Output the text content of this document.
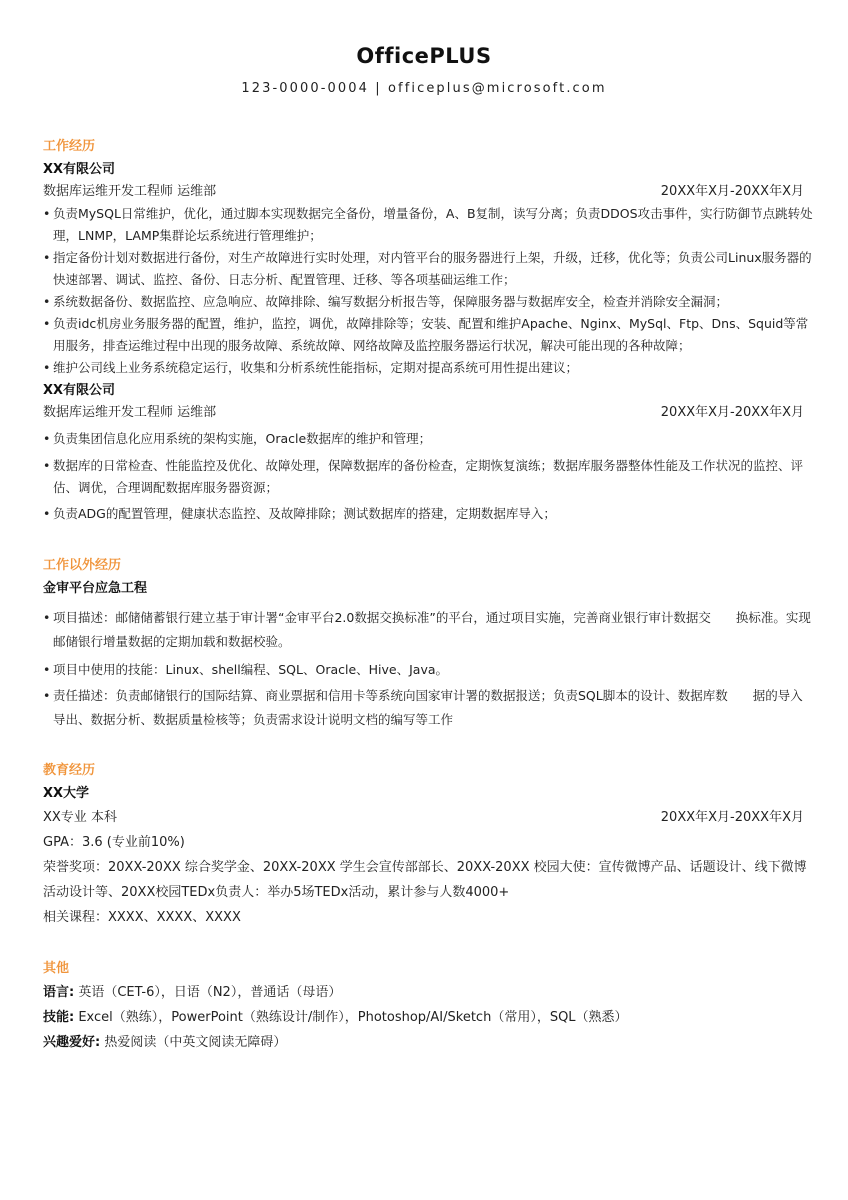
OfficePLUS
123-0000-0004 | officeplus@microsoft.com
工作经历
XX有限公司
数据库运维开发工程师 运维部	20XX年X月-20XX年X月
• 负责MySQL日常维护，优化，通过脚本实现数据完全备份，增量备份，A、B复制，读写分离；负责DDOS攻击事件，实行防御节点跳转处理，LNMP，LAMP集群论坛系统进行管理维护；
• 指定备份计划对数据进行备份，对生产故障进行实时处理，对内管平台的服务器进行上架，升级，迁移，优化等；负责公司Linux服务器的快速部署、调试、监控、备份、日志分析、配置管理、迁移、等各项基础运维工作；
• 系统数据备份、数据监控、应急响应、故障排除、编写数据分析报告等，保障服务器与数据库安全，检查并消除安全漏洞；
• 负责idc机房业务服务器的配置，维护，监控，调优，故障排除等；安装、配置和维护Apache、Nginx、MySql、Ftp、Dns、Squid等常用服务，排查运维过程中出现的服务故障、系统故障、网络故障及监控服务器运行状况，解决可能出现的各种故障；
• 维护公司线上业务系统稳定运行，收集和分析系统性能指标，定期对提高系统可用性提出建议；
XX有限公司
数据库运维开发工程师 运维部	20XX年X月-20XX年X月
• 负责集团信息化应用系统的架构实施，Oracle数据库的维护和管理；
• 数据库的日常检查、性能监控及优化、故障处理，保障数据库的备份检查，定期恢复演练；数据库服务器整体性能及工作状况的监控、评估、调优，合理调配数据库服务器资源；
• 负责ADG的配置管理，健康状态监控、及故障排除；测试数据库的搭建，定期数据库导入；
工作以外经历
金审平台应急工程
• 项目描述：邮储储蓄银行建立基于审计署“金审平台2.0数据交换标准”的平台，通过项目实施，完善商业银行审计数据交　　换标准。实现邮储银行增量数据的定期加载和数据校验。
• 项目中使用的技能：Linux、shell编程、SQL、Oracle、Hive、Java。
• 责任描述：负责邮储银行的国际结算、商业票据和信用卡等系统向国家审计署的数据报送；负责SQL脚本的设计、数据库数　　据的导入导出、数据分析、数据质量检核等；负责需求设计说明文档的编写等工作
教育经历
XX大学
XX专业 本科	20XX年X月-20XX年X月
GPA：3.6 (专业前10%)
荣誉奖项：20XX-20XX 综合奖学金、20XX-20XX 学生会宣传部部长、20XX-20XX 校园大使：宣传微博产品、话题设计、线下微博活动设计等、20XX校园TEDx负责人：举办5场TEDx活动，累计参与人数4000+
相关课程：XXXX、XXXX、XXXX
其他
语言: 英语（CET-6），日语（N2），普通话（母语）
技能: Excel（熟练），PowerPoint（熟练设计/制作），Photoshop/AI/Sketch（常用），SQL（熟悉）
兴趣爱好: 热爱阅读（中英文阅读无障碍）
